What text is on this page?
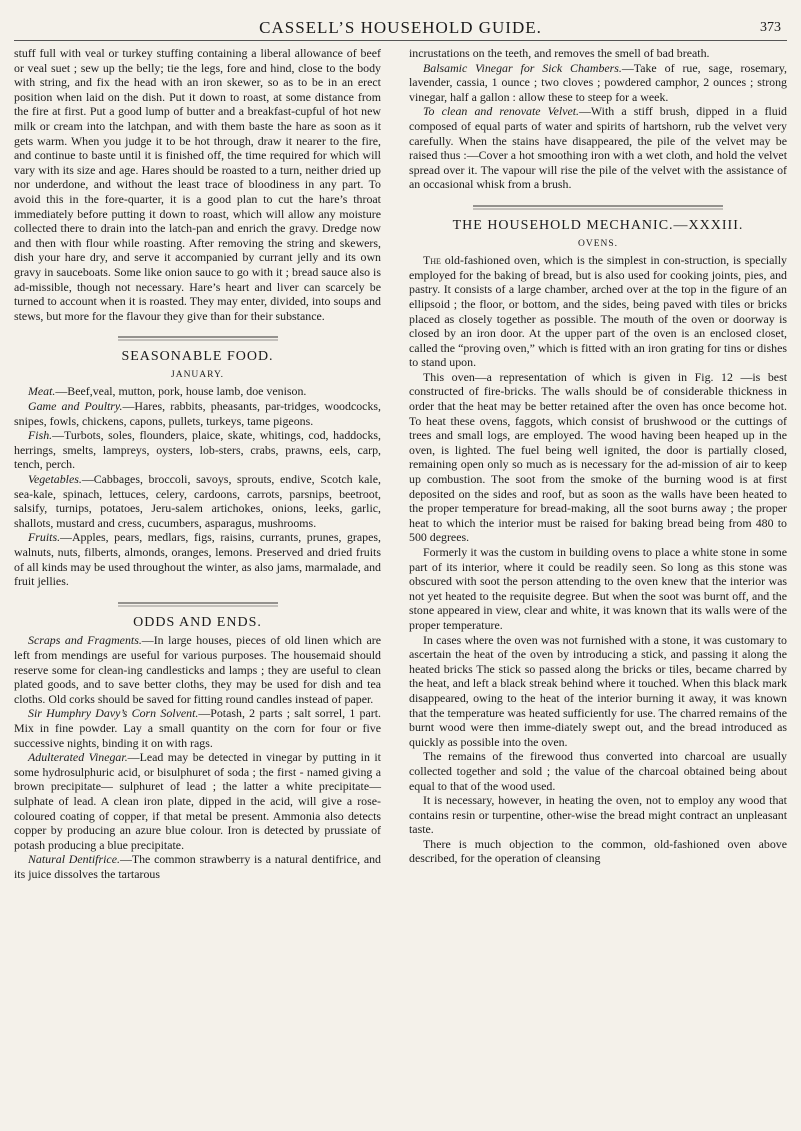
CASSELL’S HOUSEHOLD GUIDE.	373

stuff full with veal or turkey stuffing containing a liberal allowance of beef or veal suet ; sew up the belly; tie the legs, fore and hind, close to the body with string, and fix the head with an iron skewer, so as to be in an erect position when laid on the dish. Put it down to roast, at some distance from the fire at first. Put a good lump of butter and a breakfast-cupful of hot new milk or cream into the latchpan, and with them baste the hare as soon as it gets warm. When you judge it to be hot through, draw it nearer to the fire, and continue to baste until it is finished off, the time required for which will vary with its size and age. Hares should be roasted to a turn, neither dried up nor underdone, and without the least trace of bloodiness in any part. To avoid this in the fore-quarter, it is a good plan to cut the hare’s throat immediately before putting it down to roast, which will allow any moisture collected there to drain into the latch-pan and enrich the gravy. Dredge now and then with flour while roasting. After removing the string and skewers, dish your hare dry, and serve it accompanied by currant jelly and its own gravy in sauceboats. Some like onion sauce to go with it ; bread sauce also is ad-missible, though not necessary. Hare’s heart and liver can scarcely be turned to account when it is roasted. They may enter, divided, into soups and stews, but more for the flavour they give than for their substance.

SEASONABLE FOOD.
JANUARY.

Meat.—Beef,veal, mutton, pork, house lamb, doe venison.

Game and Poultry.—Hares, rabbits, pheasants, par-tridges, woodcocks, snipes, fowls, chickens, capons, pullets, turkeys, tame pigeons.

Fish.—Turbots, soles, flounders, plaice, skate, whitings, cod, haddocks, herrings, smelts, lampreys, oysters, lob-sters, crabs, prawns, eels, carp, tench, perch.

Vegetables.—Cabbages, broccoli, savoys, sprouts, endive, Scotch kale, sea-kale, spinach, lettuces, celery, cardoons, carrots, parsnips, beetroot, salsify, turnips, potatoes, Jeru-salem artichokes, onions, leeks, garlic, shallots, mustard and cress, cucumbers, asparagus, mushrooms.

Fruits.—Apples, pears, medlars, figs, raisins, currants, prunes, grapes, walnuts, nuts, filberts, almonds, oranges, lemons. Preserved and dried fruits of all kinds may be used throughout the winter, as also jams, marmalade, and fruit jellies.

ODDS AND ENDS.

Scraps and Fragments.—In large houses, pieces of old linen which are left from mendings are useful for various purposes. The housemaid should reserve some for clean-ing candlesticks and lamps ; they are useful to clean plated goods, and to save better cloths, they may be used for dish and tea cloths. Old corks should be saved for fitting round candles instead of paper.

Sir Humphry Davy’s Corn Solvent.—Potash, 2 parts ; salt sorrel, 1 part. Mix in fine powder. Lay a small quantity on the corn for four or five successive nights, binding it on with rags.

Adulterated Vinegar.—Lead may be detected in vinegar by putting in it some hydrosulphuric acid, or bisulphuret of soda ; the first - named giving a brown precipitate— sulphuret of lead ; the latter a white precipitate— sulphate of lead. A clean iron plate, dipped in the acid, will give a rose-coloured coating of copper, if that metal be present. Ammonia also detects copper by producing an azure blue colour. Iron is detected by prussiate of potash producing a blue precipitate.

Natural Dentifrice.—The common strawberry is a natural dentifrice, and its juice dissolves the tartarous

incrustations on the teeth, and removes the smell of bad breath.

Balsamic Vinegar for Sick Chambers.—Take of rue, sage, rosemary, lavender, cassia, 1 ounce ; two cloves ; powdered camphor, 2 ounces ; strong vinegar, half a gallon : allow these to steep for a week.

To clean and renovate Velvet.—With a stiff brush, dipped in a fluid composed of equal parts of water and spirits of hartshorn, rub the velvet very carefully. When the stains have disappeared, the pile of the velvet may be raised thus :—Cover a hot smoothing iron with a wet cloth, and hold the velvet spread over it. The vapour will rise the pile of the velvet with the assistance of an occasional whisk from a brush.

THE HOUSEHOLD MECHANIC.—XXXIII.
OVENS.

The old-fashioned oven, which is the simplest in con-struction, is specially employed for the baking of bread, but is also used for cooking joints, pies, and pastry. It consists of a large chamber, arched over at the top in the figure of an ellipsoid ; the floor, or bottom, and the sides, being paved with tiles or bricks placed as closely together as possible. The mouth of the oven or doorway is closed by an iron door. At the upper part of the oven is an enclosed closet, called the “proving oven,” which is fitted with an iron grating for tins or dishes to stand upon.

This oven—a representation of which is given in Fig. 12 —is best constructed of fire-bricks. The walls should be of considerable thickness in order that the heat may be better retained after the oven has once become hot. To heat these ovens, faggots, which consist of brushwood or the cuttings of trees and small logs, are employed. The wood having been heaped up in the oven, is lighted. The fuel being well ignited, the door is partially closed, remaining open only so much as is necessary for the ad-mission of air to keep up combustion. The soot from the smoke of the burning wood is at first deposited on the sides and roof, but as soon as the walls have been heated to the proper temperature for bread-making, all the soot burns away ; the proper heat to which the interior must be raised for baking bread being from 480 to 500 degrees.

Formerly it was the custom in building ovens to place a white stone in some part of its interior, where it could be readily seen. So long as this stone was obscured with soot the person attending to the oven knew that the interior was not yet heated to the requisite degree. But when the soot was burnt off, and the stone appeared in view, clear and white, it was known that its walls were of the proper temperature.

In cases where the oven was not furnished with a stone, it was customary to ascertain the heat of the oven by introducing a stick, and passing it along the heated bricks The stick so passed along the bricks or tiles, became charred by the heat, and left a black streak behind where it touched. When this black mark disappeared, owing to the heat of the interior burning it away, it was known that the temperature was heated sufficiently for use. The charred remains of the burnt wood were then imme-diately swept out, and the bread introduced as quickly as possible into the oven.

The remains of the firewood thus converted into charcoal are usually collected together and sold ; the value of the charcoal obtained being about equal to that of the wood used.

It is necessary, however, in heating the oven, not to employ any wood that contains resin or turpentine, other-wise the bread might contract an unpleasant taste.

There is much objection to the common, old-fashioned oven above described, for the operation of cleansing
